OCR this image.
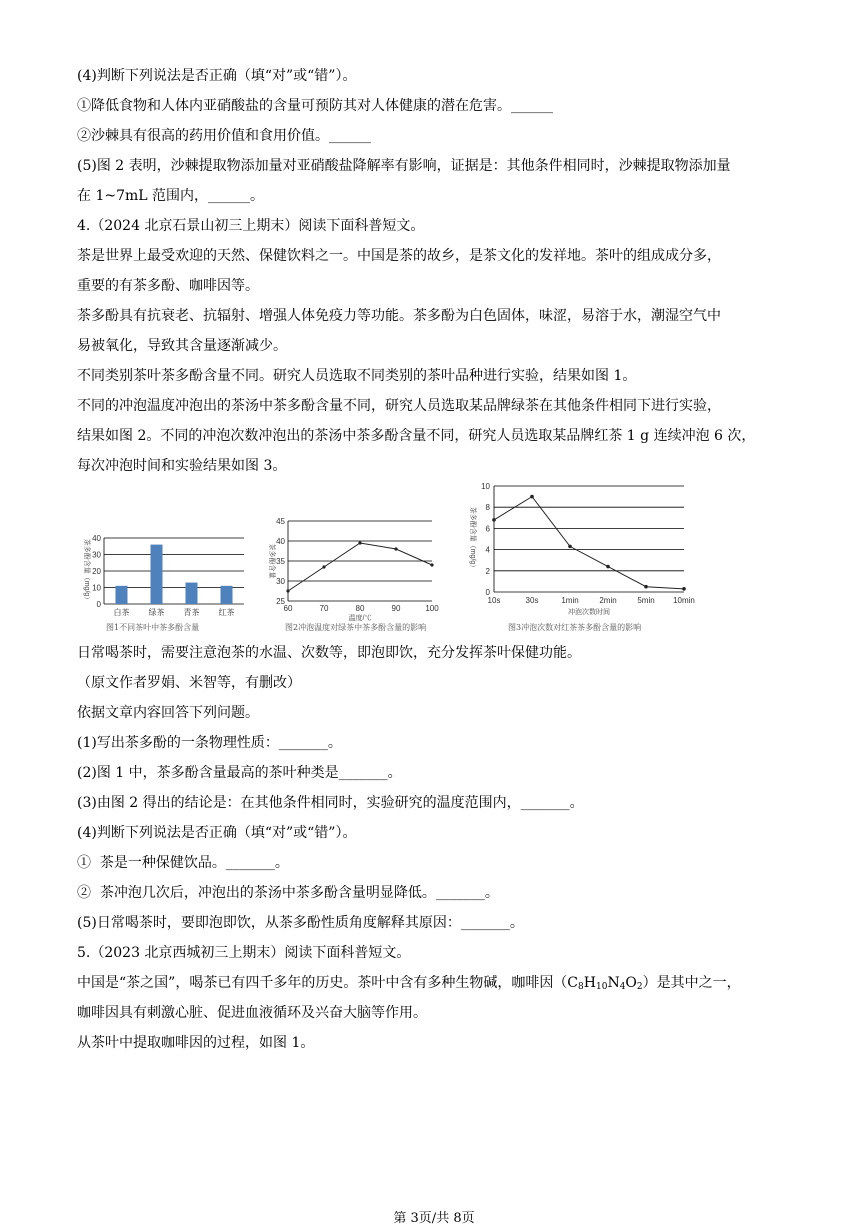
(4)判断下列说法是否正确（填“对”或“错”）。
①降低食物和人体内亚硝酸盐的含量可预防其对人体健康的潜在危害。______
②沙棘具有很高的药用价值和食用价值。______
(5)图 2 表明，沙棘提取物添加量对亚硝酸盐降解率有影响，证据是：其他条件相同时，沙棘提取物添加量
在 1~7mL 范围内，______。
4.（2024 北京石景山初三上期末）阅读下面科普短文。
茶是世界上最受欢迎的天然、保健饮料之一。中国是茶的故乡，是茶文化的发祥地。茶叶的组成成分多，
重要的有茶多酚、咖啡因等。
茶多酚具有抗衰老、抗辐射、增强人体免疫力等功能。茶多酚为白色固体，味涩，易溶于水，潮湿空气中
易被氧化，导致其含量逐渐减少。
不同类别茶叶茶多酚含量不同。研究人员选取不同类别的茶叶品种进行实验，结果如图 1。
不同的冲泡温度冲泡出的茶汤中茶多酚含量不同，研究人员选取某品牌绿茶在其他条件相同下进行实验，
结果如图 2。不同的冲泡次数冲泡出的茶汤中茶多酚含量不同，研究人员选取某品牌红茶 1 g 连续冲泡 6 次，
每次冲泡时间和实验结果如图 3。
0
10
20
30
40
白茶 绿茶 青茶 红茶
茶多酚含量（mg/g）
图1不同茶叶中茶多酚含量
25
30
35
40
45
60	70	80	90	100
温度/℃
茶多酚含量
图2冲泡温度对绿茶中茶多酚含量的影响
0
2
4
6
8
10
10s	30s	1min	2min	5min 10min
冲泡次数时间
茶多酚含量（mg/g）
图3冲泡次数对红茶茶多酚含量的影响
日常喝茶时，需要注意泡茶的水温、次数等，即泡即饮，充分发挥茶叶保健功能。
（原文作者罗娟、米智等，有删改）
依据文章内容回答下列问题。
(1)写出茶多酚的一条物理性质：_______。
(2)图 1 中，茶多酚含量最高的茶叶种类是_______。
(3)由图 2 得出的结论是：在其他条件相同时，实验研究的温度范围内，_______。
(4)判断下列说法是否正确（填“对”或“错”）。
①  茶是一种保健饮品。_______。
②  茶冲泡几次后，冲泡出的茶汤中茶多酚含量明显降低。_______。
(5)日常喝茶时，要即泡即饮，从茶多酚性质角度解释其原因：_______。
5.（2023 北京西城初三上期末）阅读下面科普短文。
中国是“茶之国”，喝茶已有四千多年的历史。茶叶中含有多种生物碱，咖啡因$(C_8H_{10}N_4O_2)$是其中之一，
咖啡因具有刺激心脏、促进血液循环及兴奋大脑等作用。
从茶叶中提取咖啡因的过程，如图 1。
第 3页/共 8页
